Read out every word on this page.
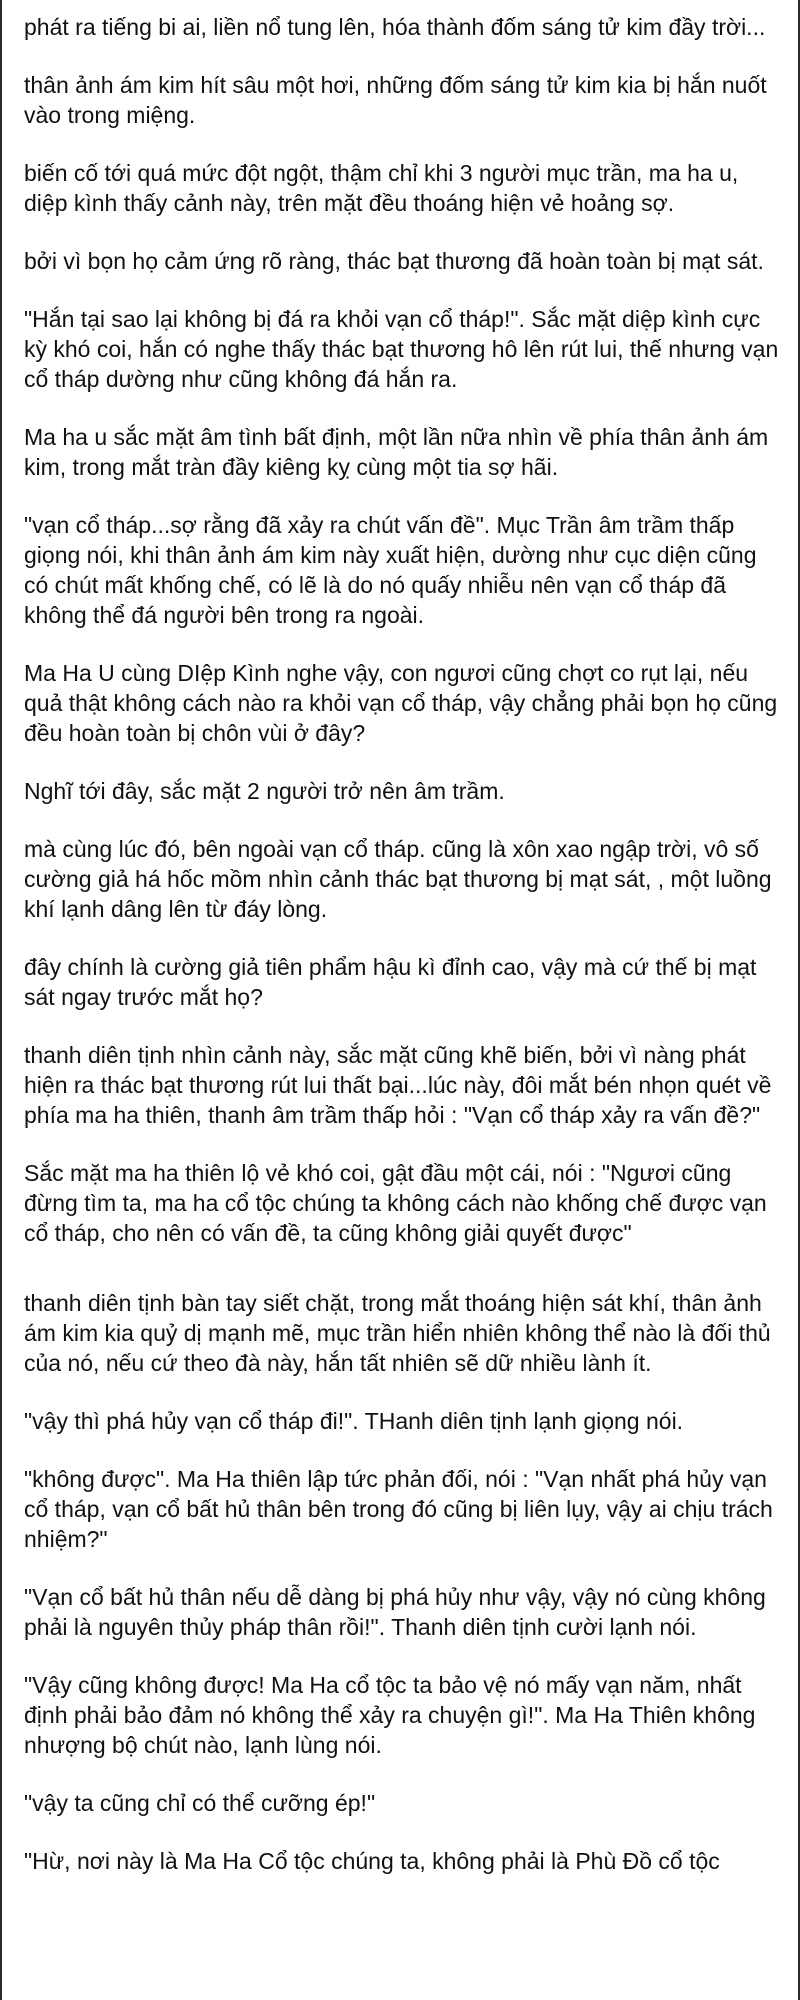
phát ra tiếng bi ai, liền nổ tung lên, hóa thành đốm sáng tử kim đầy trời...

thân ảnh ám kim hít sâu một hơi, những đốm sáng tử kim kia bị hắn nuốt vào trong miệng.

biến cố tới quá mức đột ngột, thậm chỉ khi 3 người mục trần, ma ha u, diệp kình thấy cảnh này, trên mặt đều thoáng hiện vẻ hoảng sợ.

bởi vì bọn họ cảm ứng rõ ràng, thác bạt thương đã hoàn toàn bị mạt sát.

"Hắn tại sao lại không bị đá ra khỏi vạn cổ tháp!". Sắc mặt diệp kình cực kỳ khó coi, hắn có nghe thấy thác bạt thương hô lên rút lui, thế nhưng vạn cổ tháp dường như cũng không đá hắn ra.

Ma ha u sắc mặt âm tình bất định, một lần nữa nhìn về phía thân ảnh ám kim, trong mắt tràn đầy kiêng kỵ cùng một tia sợ hãi.

"vạn cổ tháp...sợ rằng đã xảy ra chút vấn đề". Mục Trần âm trầm thấp giọng nói, khi thân ảnh ám kim này xuất hiện, dường như cục diện cũng có chút mất khống chế, có lẽ là do nó quấy nhiễu nên vạn cổ tháp đã không thể đá người bên trong ra ngoài.

Ma Ha U cùng DIệp Kình nghe vậy, con ngươi cũng chợt co rụt lại, nếu quả thật không cách nào ra khỏi vạn cổ tháp, vậy chẳng phải bọn họ cũng đều hoàn toàn bị chôn vùi ở đây?

Nghĩ tới đây, sắc mặt 2 người trở nên âm trầm.

mà cùng lúc đó, bên ngoài vạn cổ tháp. cũng là xôn xao ngập trời, vô số cường giả há hốc mồm nhìn cảnh thác bạt thương bị mạt sát, , một luồng khí lạnh dâng lên từ đáy lòng.

đây chính là cường giả tiên phẩm hậu kì đỉnh cao, vậy mà cứ thế bị mạt sát ngay trước mắt họ?

thanh diên tịnh nhìn cảnh này, sắc mặt cũng khẽ biến, bởi vì nàng phát hiện ra thác bạt thương rút lui thất bại...lúc này, đôi mắt bén nhọn quét về phía ma ha thiên, thanh âm trầm thấp hỏi : "Vạn cổ tháp xảy ra vấn đề?"

Sắc mặt ma ha thiên lộ vẻ khó coi, gật đầu một cái, nói : "Ngươi cũng đừng tìm ta, ma ha cổ tộc chúng ta không cách nào khống chế được vạn cổ tháp, cho nên có vấn đề, ta cũng không giải quyết được"

thanh diên tịnh bàn tay siết chặt, trong mắt thoáng hiện sát khí, thân ảnh ám kim kia quỷ dị mạnh mẽ, mục trần hiển nhiên không thể nào là đối thủ của nó, nếu cứ theo đà này, hắn tất nhiên sẽ dữ nhiều lành ít.

"vậy thì phá hủy vạn cổ tháp đi!". THanh diên tịnh lạnh giọng nói.

"không được". Ma Ha thiên lập tức phản đối, nói : "Vạn nhất phá hủy vạn cổ tháp, vạn cổ bất hủ thân bên trong đó cũng bị liên lụy, vậy ai chịu trách nhiệm?"

"Vạn cổ bất hủ thân nếu dễ dàng bị phá hủy như vậy, vậy nó cùng không phải là nguyên thủy pháp thân rồi!". Thanh diên tịnh cười lạnh nói.

"Vậy cũng không được! Ma Ha cổ tộc ta bảo vệ nó mấy vạn năm, nhất định phải bảo đảm nó không thể xảy ra chuyện gì!". Ma Ha Thiên không nhượng bộ chút nào, lạnh lùng nói.

"vậy ta cũng chỉ có thể cưỡng ép!"

"Hừ, nơi này là Ma Ha Cổ tộc chúng ta, không phải là Phù Đồ cổ tộc
